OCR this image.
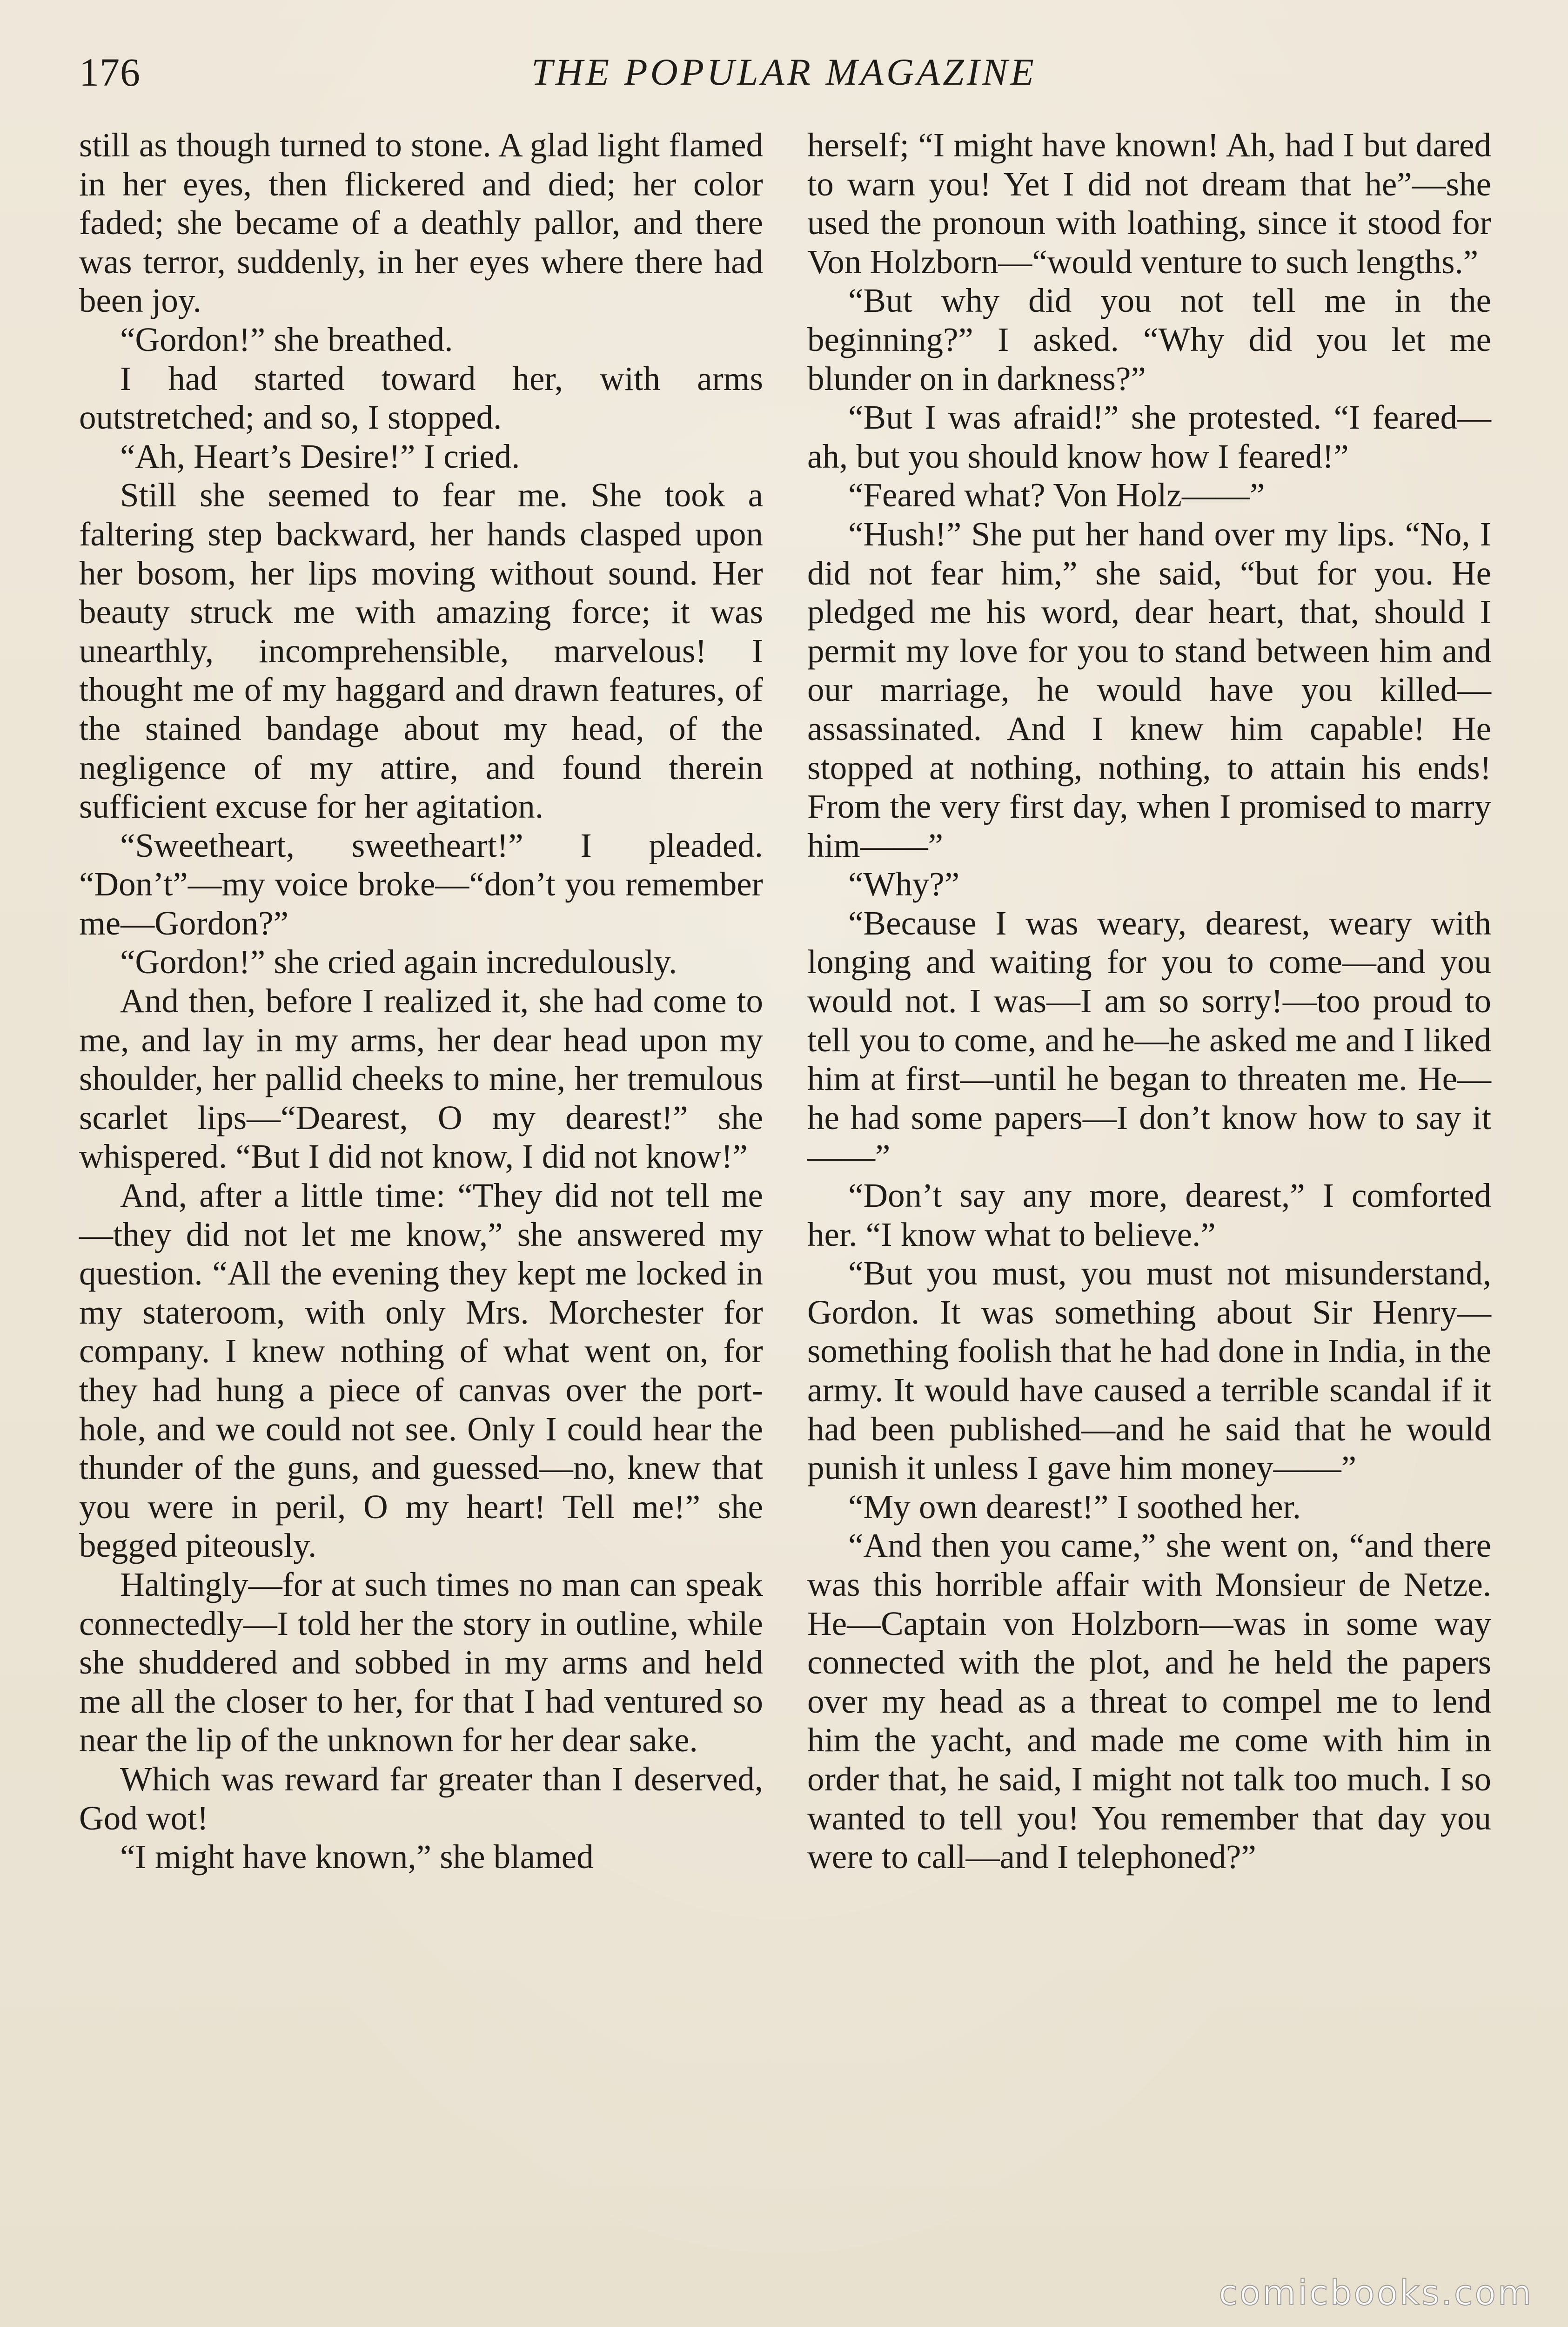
176	THE POPULAR MAGAZINE

still as though turned to stone. A glad light flamed in her eyes, then flickered and died; her color faded; she became of a deathly pallor, and there was terror, suddenly, in her eyes where there had been joy.

“Gordon!” she breathed.

I had started toward her, with arms outstretched; and so, I stopped.

“Ah, Heart’s Desire!” I cried.

Still she seemed to fear me. She took a faltering step backward, her hands clasped upon her bosom, her lips moving without sound. Her beauty struck me with amazing force; it was unearthly, incomprehensible, marvelous! I thought me of my haggard and drawn features, of the stained bandage about my head, of the negligence of my attire, and found therein sufficient excuse for her agitation.

“Sweetheart, sweetheart!” I pleaded. “Don’t”—my voice broke—“don’t you remember me—Gordon?”

“Gordon!” she cried again incredulously.

And then, before I realized it, she had come to me, and lay in my arms, her dear head upon my shoulder, her pallid cheeks to mine, her tremulous scarlet lips—“Dearest, O my dearest!” she whispered. “But I did not know, I did not know!”

And, after a little time: “They did not tell me—they did not let me know,” she answered my question. “All the evening they kept me locked in my stateroom, with only Mrs. Morchester for company. I knew nothing of what went on, for they had hung a piece of canvas over the port-hole, and we could not see. Only I could hear the thunder of the guns, and guessed—no, knew that you were in peril, O my heart! Tell me!” she begged piteously.

Haltingly—for at such times no man can speak connectedly—I told her the story in outline, while she shuddered and sobbed in my arms and held me all the closer to her, for that I had ventured so near the lip of the unknown for her dear sake.

Which was reward far greater than I deserved, God wot!

“I might have known,” she blamed

herself; “I might have known! Ah, had I but dared to warn you! Yet I did not dream that he”—she used the pronoun with loathing, since it stood for Von Holzborn—“would venture to such lengths.”

“But why did you not tell me in the beginning?” I asked. “Why did you let me blunder on in darkness?”

“But I was afraid!” she protested. “I feared—ah, but you should know how I feared!”

“Feared what? Von Holz——”

“Hush!” She put her hand over my lips. “No, I did not fear him,” she said, “but for you. He pledged me his word, dear heart, that, should I permit my love for you to stand between him and our marriage, he would have you killed—assassinated. And I knew him capable! He stopped at nothing, nothing, to attain his ends! From the very first day, when I promised to marry him——”

“Why?”

“Because I was weary, dearest, weary with longing and waiting for you to come—and you would not. I was—I am so sorry!—too proud to tell you to come, and he—he asked me and I liked him at first—until he began to threaten me. He—he had some papers—I don’t know how to say it——”

“Don’t say any more, dearest,” I comforted her. “I know what to believe.”

“But you must, you must not misunderstand, Gordon. It was something about Sir Henry—something foolish that he had done in India, in the army. It would have caused a terrible scandal if it had been published—and he said that he would punish it unless I gave him money——”

“My own dearest!” I soothed her.

“And then you came,” she went on, “and there was this horrible affair with Monsieur de Netze. He—Captain von Holzborn—was in some way connected with the plot, and he held the papers over my head as a threat to compel me to lend him the yacht, and made me come with him in order that, he said, I might not talk too much. I so wanted to tell you! You remember that day you were to call—and I telephoned?”

comicbooks.com
